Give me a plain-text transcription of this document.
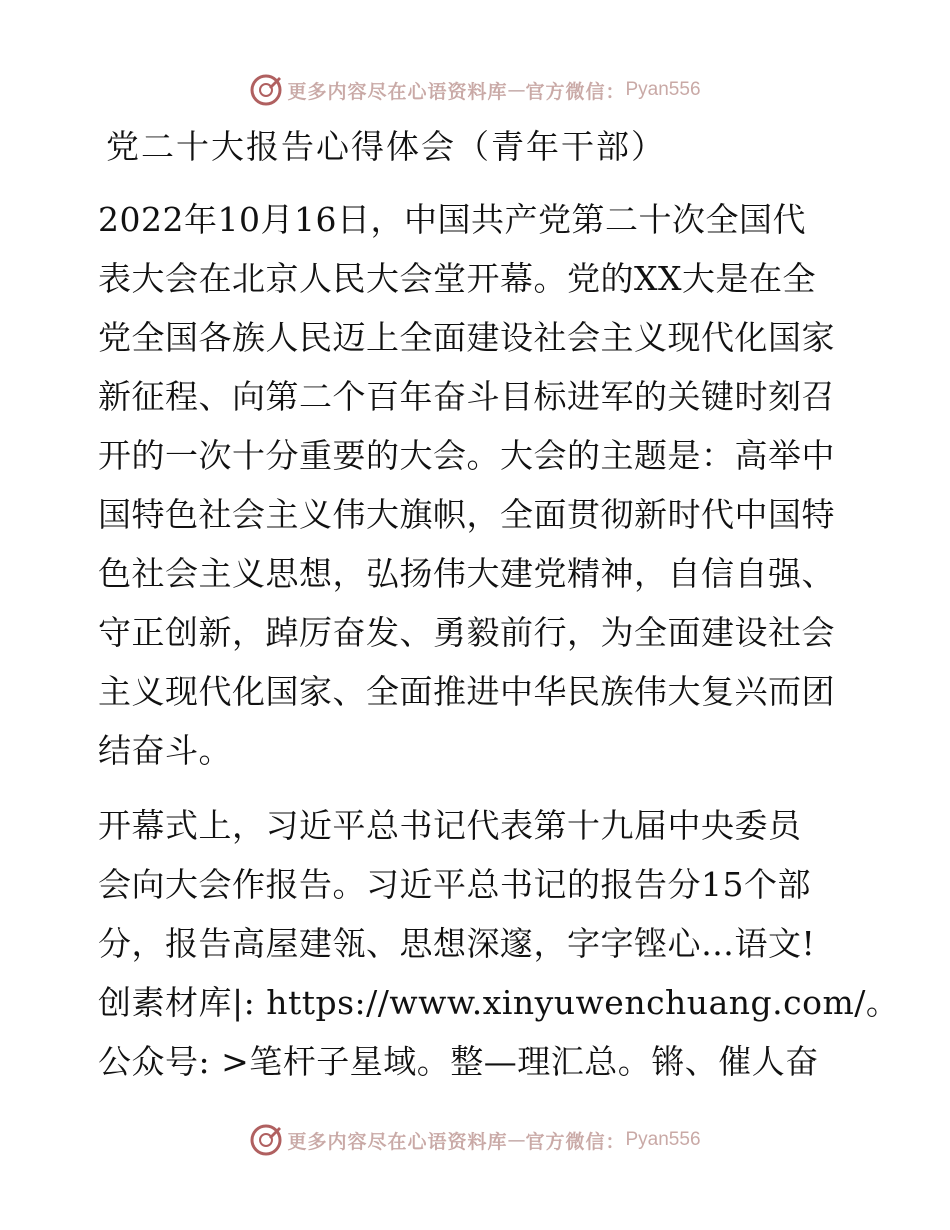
更多内容尽在心语资料库 — 官方微信： Pyan556
党二十大报告心得体会（青年干部）
2022年10月16日，中国共产党第二十次全国代
表大会在北京人民大会堂开幕。党的XX大是在全
党全国各族人民迈上全面建设社会主义现代化国家
新征程、向第二个百年奋斗目标进军的关键时刻召
开的一次十分重要的大会。大会的主题是：高举中
国特色社会主义伟大旗帜，全面贯彻新时代中国特
色社会主义思想，弘扬伟大建党精神，自信自强、
守正创新，踔厉奋发、勇毅前行，为全面建设社会
主义现代化国家、全面推进中华民族伟大复兴而团
结奋斗。
开幕式上，习近平总书记代表第十九届中央委员
会向大会作报告。习近平总书记的报告分15个部
分，报告高屋建瓴、思想深邃，字字铿心…语文!
创素材库|: https://www.xinyuwenchuang.com/。
公众号: >笔杆子星域。整—理汇总。锵、催人奋
更多内容尽在心语资料库 — 官方微信： Pyan556
